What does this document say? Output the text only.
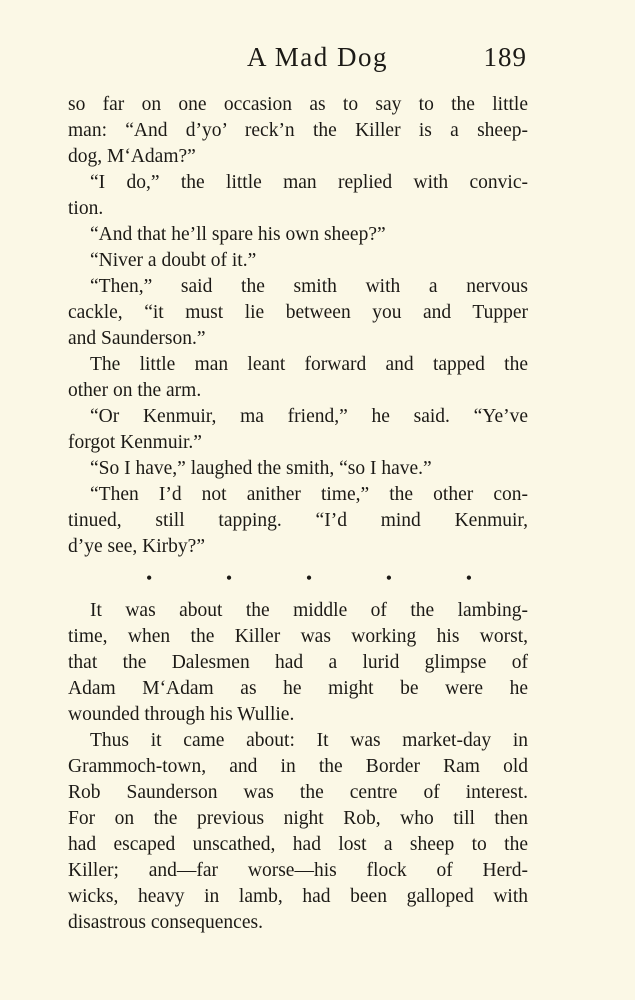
A Mad Dog	189
so far on one occasion as to say to the little
man: “And d’yo’ reck’n the Killer is a sheep-
dog, M‘Adam?”
“I do,” the little man replied with convic-
tion.
“And that he’ll spare his own sheep?”
“Niver a doubt of it.”
“Then,” said the smith with a nervous
cackle, “it must lie between you and Tupper
and Saunderson.”
The little man leant forward and tapped the
other on the arm.
“Or Kenmuir, ma friend,” he said. “Ye’ve
forgot Kenmuir.”
“So I have,” laughed the smith, “so I have.”
“Then I’d not anither time,” the other con-
tinued, still tapping. “I’d mind Kenmuir,
d’ye see, Kirby?”
•	•	•	•	•
It was about the middle of the lambing-
time, when the Killer was working his worst,
that the Dalesmen had a lurid glimpse of
Adam M‘Adam as he might be were he
wounded through his Wullie.
Thus it came about: It was market-day in
Grammoch-town, and in the Border Ram old
Rob Saunderson was the centre of interest.
For on the previous night Rob, who till then
had escaped unscathed, had lost a sheep to the
Killer; and—far worse—his flock of Herd-
wicks, heavy in lamb, had been galloped with
disastrous consequences.
